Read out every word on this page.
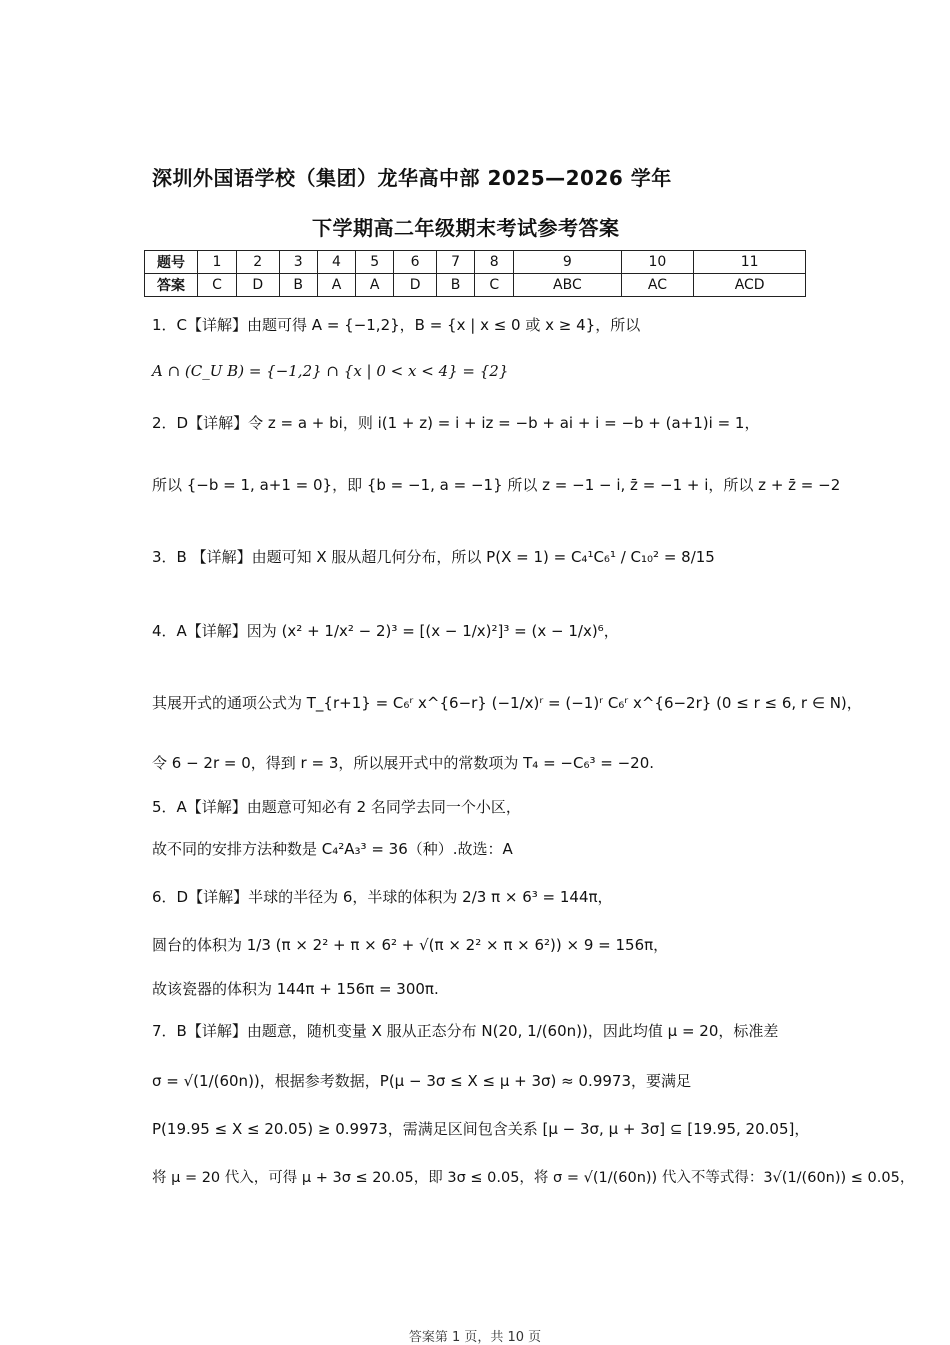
深圳外国语学校（集团）龙华高中部 2025—2026 学年
下学期高二年级期末考试参考答案
题号	1	2	3	4	5	6	7	8	9	10	11
答案	C	D	B	A	A	D	B	C	ABC	AC	ACD
1．C【详解】由题可得 A = {−1,2}，B = {x | x ≤ 0 或 x ≥ 4}，所以
A ∩ (C_U B) = {−1,2} ∩ {x | 0 < x < 4} = {2}
2．D【详解】令 z = a + bi，则 i(1 + z) = i + iz = −b + ai + i = −b + (a+1)i = 1，
所以 {−b = 1, a+1 = 0}，即 {b = −1, a = −1} 所以 z = −1 − i, z̄ = −1 + i，所以 z + z̄ = −2
3．B 【详解】由题可知 X 服从超几何分布，所以 P(X = 1) = C₄¹C₆¹ / C₁₀² = 8/15
4．A【详解】因为 (x² + 1/x² − 2)³ = [(x − 1/x)²]³ = (x − 1/x)⁶，
其展开式的通项公式为 T_{r+1} = C₆ʳ x^{6−r} (−1/x)ʳ = (−1)ʳ C₆ʳ x^{6−2r} (0 ≤ r ≤ 6, r ∈ N)，
令 6 − 2r = 0，得到 r = 3，所以展开式中的常数项为 T₄ = −C₆³ = −20.
5．A【详解】由题意可知必有 2 名同学去同一个小区，
故不同的安排方法种数是 C₄²A₃³ = 36（种）.故选：A
6．D【详解】半球的半径为 6，半球的体积为 2/3 π × 6³ = 144π，
圆台的体积为 1/3 (π × 2² + π × 6² + √(π × 2² × π × 6²)) × 9 = 156π，
故该瓷器的体积为 144π + 156π = 300π.
7．B【详解】由题意，随机变量 X 服从正态分布 N(20, 1/(60n))，因此均值 μ = 20，标准差
σ = √(1/(60n))，根据参考数据，P(μ − 3σ ≤ X ≤ μ + 3σ) ≈ 0.9973，要满足
P(19.95 ≤ X ≤ 20.05) ≥ 0.9973，需满足区间包含关系 [μ − 3σ, μ + 3σ] ⊆ [19.95, 20.05]，
将 μ = 20 代入，可得 μ + 3σ ≤ 20.05，即 3σ ≤ 0.05，将 σ = √(1/(60n)) 代入不等式得：3√(1/(60n)) ≤ 0.05，
答案第 1 页，共 10 页
